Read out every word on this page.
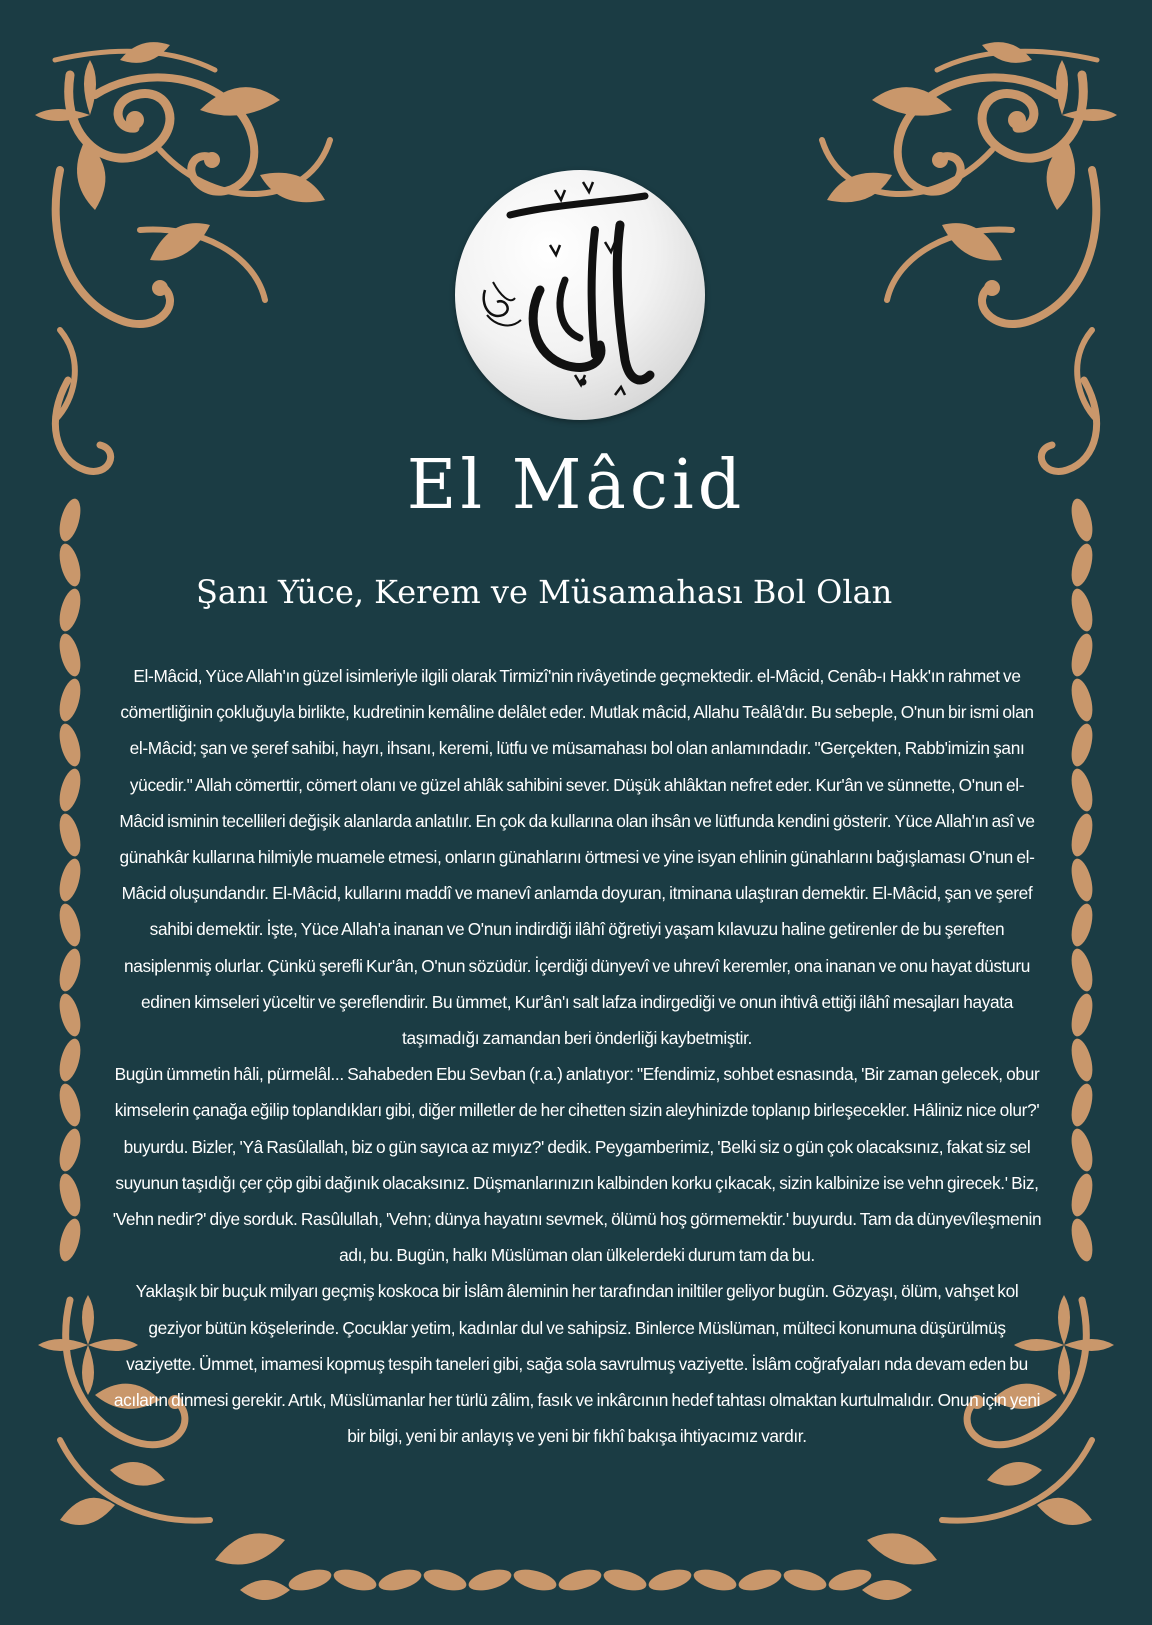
El Mâcid
Şanı Yüce, Kerem ve Müsamahası Bol Olan

El-Mâcid, Yüce Allah'ın güzel isimleriyle ilgili olarak Tirmizî'nin rivâyetinde geçmektedir. el-Mâcid, Cenâb-ı Hakk'ın rahmet ve cömertliğinin çokluğuyla birlikte, kudretinin kemâline delâlet eder. Mutlak mâcid, Allahu Teâlâ'dır. Bu sebeple, O'nun bir ismi olan el-Mâcid; şan ve şeref sahibi, hayrı, ihsanı, keremi, lütfu ve müsamahası bol olan anlamındadır. "Gerçekten, Rabb'imizin şanı yücedir." Allah cömerttir, cömert olanı ve güzel ahlâk sahibini sever. Düşük ahlâktan nefret eder. Kur'ân ve sünnette, O'nun el-Mâcid isminin tecellileri değişik alanlarda anlatılır. En çok da kullarına olan ihsân ve lütfunda kendini gösterir. Yüce Allah'ın asî ve günahkâr kullarına hilmiyle muamele etmesi, onların günahlarını örtmesi ve yine isyan ehlinin günahlarını bağışlaması O'nun el-Mâcid oluşundandır. El-Mâcid, kullarını maddî ve manevî anlamda doyuran, itminana ulaştıran demektir. El-Mâcid, şan ve şeref sahibi demektir. İşte, Yüce Allah'a inanan ve O'nun indirdiği ilâhî öğretiyi yaşam kılavuzu haline getirenler de bu şereften nasiplenmiş olurlar. Çünkü şerefli Kur'ân, O'nun sözüdür. İçerdiği dünyevî ve uhrevî keremler, ona inanan ve onu hayat düsturu edinen kimseleri yüceltir ve şereflendirir. Bu ümmet, Kur'ân'ı salt lafza indirgediği ve onun ihtivâ ettiği ilâhî mesajları hayata taşımadığı zamandan beri önderliği kaybetmiştir.

Bugün ümmetin hâli, pürmelâl... Sahabeden Ebu Sevban (r.a.) anlatıyor: "Efendimiz, sohbet esnasında, 'Bir zaman gelecek, obur kimselerin çanağa eğilip toplandıkları gibi, diğer milletler de her cihetten sizin aleyhinizde toplanıp birleşecekler. Hâliniz nice olur?' buyurdu. Bizler, 'Yâ Rasûlallah, biz o gün sayıca az mıyız?' dedik. Peygamberimiz, 'Belki siz o gün çok olacaksınız, fakat siz sel suyunun taşıdığı çer çöp gibi dağınık olacaksınız. Düşmanlarınızın kalbinden korku çıkacak, sizin kalbinize ise vehn girecek.' Biz, 'Vehn nedir?' diye sorduk. Rasûlullah, 'Vehn; dünya hayatını sevmek, ölümü hoş görmemektir.' buyurdu. Tam da dünyevîleşmenin adı, bu. Bugün, halkı Müslüman olan ülkelerdeki durum tam da bu.

Yaklaşık bir buçuk milyarı geçmiş koskoca bir İslâm âleminin her tarafından iniltiler geliyor bugün. Gözyaşı, ölüm, vahşet kol geziyor bütün köşelerinde. Çocuklar yetim, kadınlar dul ve sahipsiz. Binlerce Müslüman, mülteci konumuna düşürülmüş vaziyette. Ümmet, imamesi kopmuş tespih taneleri gibi, sağa sola savrulmuş vaziyette. İslâm coğrafyaları nda devam eden bu acıların dinmesi gerekir. Artık, Müslümanlar her türlü zâlim, fasık ve inkârcının hedef tahtası olmaktan kurtulmalıdır. Onun için yeni bir bilgi, yeni bir anlayış ve yeni bir fıkhî bakışa ihtiyacımız vardır.
